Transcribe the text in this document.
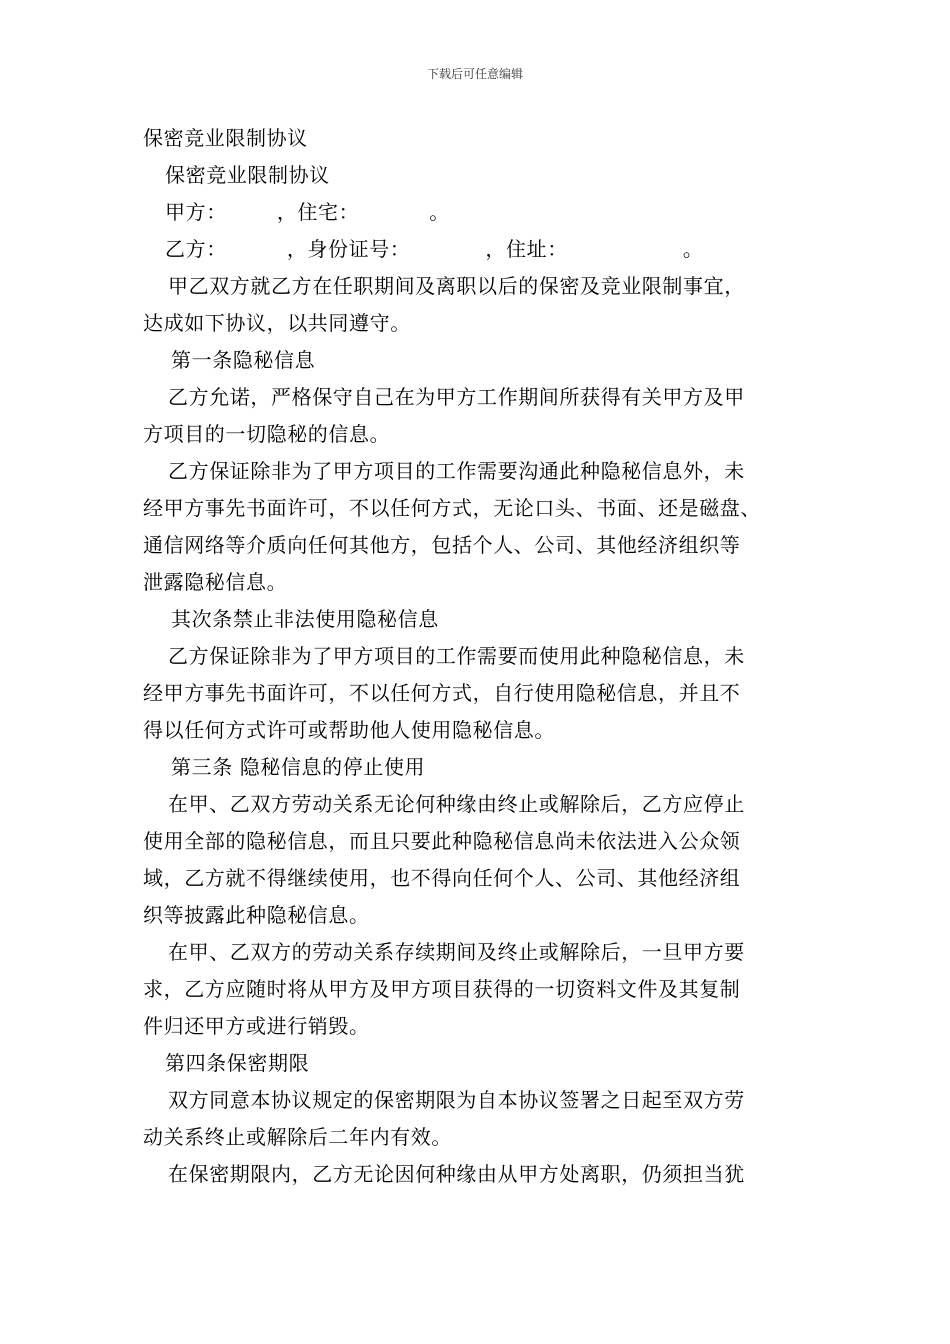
下载后可任意编辑
保密竞业限制协议
保密竞业限制协议
甲方：	，住宅：	。
乙方：	，身份证号：	，住址：	。
甲乙双方就乙方在任职期间及离职以后的保密及竞业限制事宜，
达成如下协议，以共同遵守。
第一条隐秘信息
乙方允诺，严格保守自己在为甲方工作期间所获得有关甲方及甲
方项目的一切隐秘的信息。
乙方保证除非为了甲方项目的工作需要沟通此种隐秘信息外，未
经甲方事先书面许可，不以任何方式，无论口头、书面、还是磁盘、
通信网络等介质向任何其他方，包括个人、公司、其他经济组织等
泄露隐秘信息。
其次条禁止非法使用隐秘信息
乙方保证除非为了甲方项目的工作需要而使用此种隐秘信息，未
经甲方事先书面许可，不以任何方式，自行使用隐秘信息，并且不
得以任何方式许可或帮助他人使用隐秘信息。
第三条 隐秘信息的停止使用
在甲、乙双方劳动关系无论何种缘由终止或解除后，乙方应停止
使用全部的隐秘信息，而且只要此种隐秘信息尚未依法进入公众领
域，乙方就不得继续使用，也不得向任何个人、公司、其他经济组
织等披露此种隐秘信息。
在甲、乙双方的劳动关系存续期间及终止或解除后，一旦甲方要
求，乙方应随时将从甲方及甲方项目获得的一切资料文件及其复制
件归还甲方或进行销毁。
第四条保密期限
双方同意本协议规定的保密期限为自本协议签署之日起至双方劳
动关系终止或解除后二年内有效。
在保密期限内，乙方无论因何种缘由从甲方处离职，仍须担当犹
